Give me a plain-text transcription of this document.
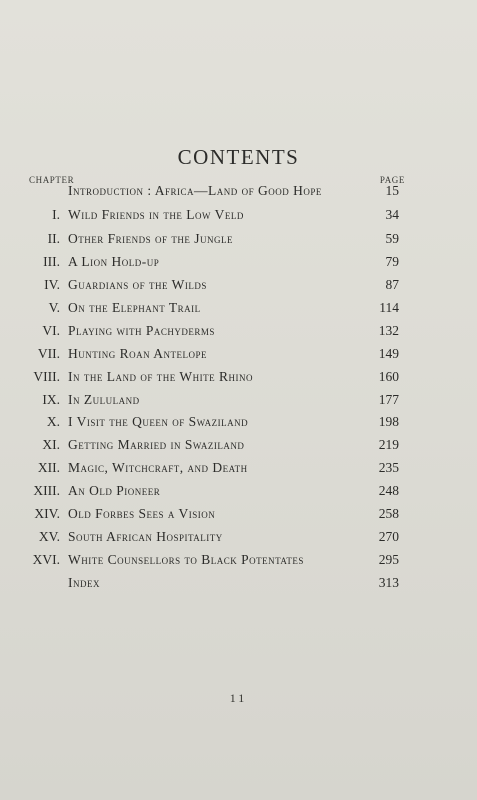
CONTENTS
CHAPTER	PAGE
Introduction : Africa—Land of Good Hope	15
I. Wild Friends in the Low Veld	34
II. Other Friends of the Jungle	59
III. A Lion Hold-up	79
IV. Guardians of the Wilds	87
V. On the Elephant Trail	114
VI. Playing with Pachyderms	132
VII. Hunting Roan Antelope	149
VIII. In the Land of the White Rhino	160
IX. In Zululand	177
X. I Visit the Queen of Swaziland	198
XI. Getting Married in Swaziland	219
XII. Magic, Witchcraft, and Death	235
XIII. An Old Pioneer	248
XIV. Old Forbes Sees a Vision	258
XV. South African Hospitality	270
XVI. White Counsellors to Black Potentates	295
Index	313
11
